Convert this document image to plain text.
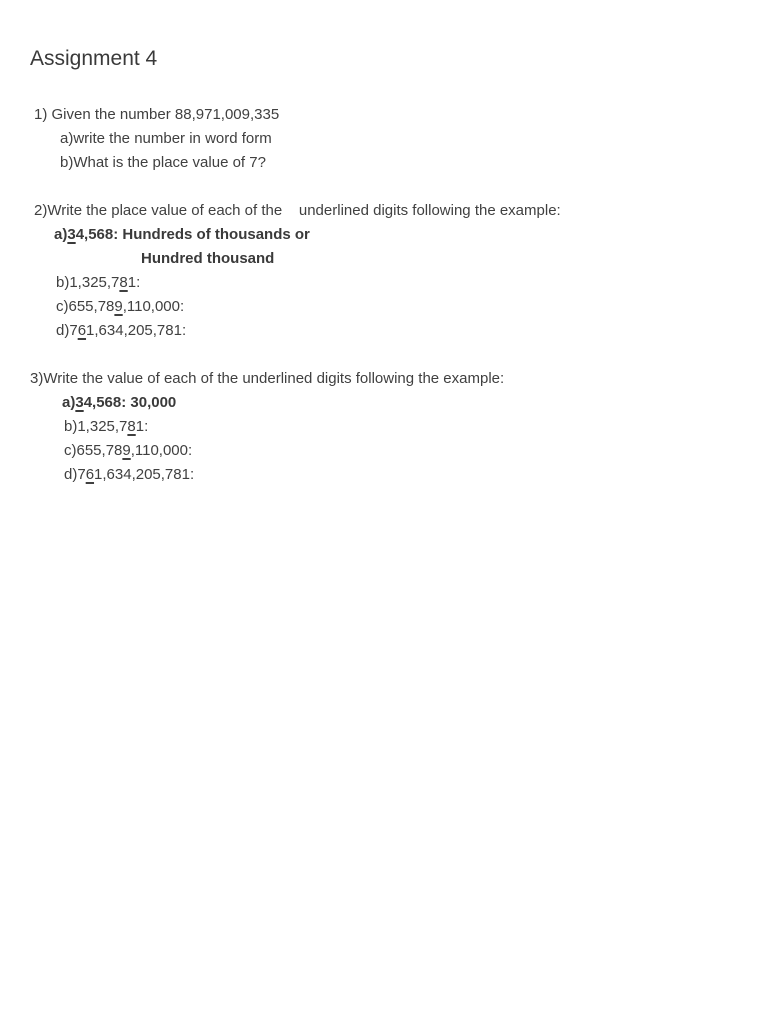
Assignment 4
1) Given the number 88,971,009,335
a)write the number in word form
b)What is the place value of 7?
2)Write the place value of each of the    underlined digits following the example:
a)34,568: Hundreds of thousands or
Hundred thousand
b)1,325,781:
c)655,789,110,000:
d)761,634,205,781:
3)Write the value of each of the underlined digits following the example:
a)34,568: 30,000
b)1,325,781:
c)655,789,110,000:
d)761,634,205,781:
